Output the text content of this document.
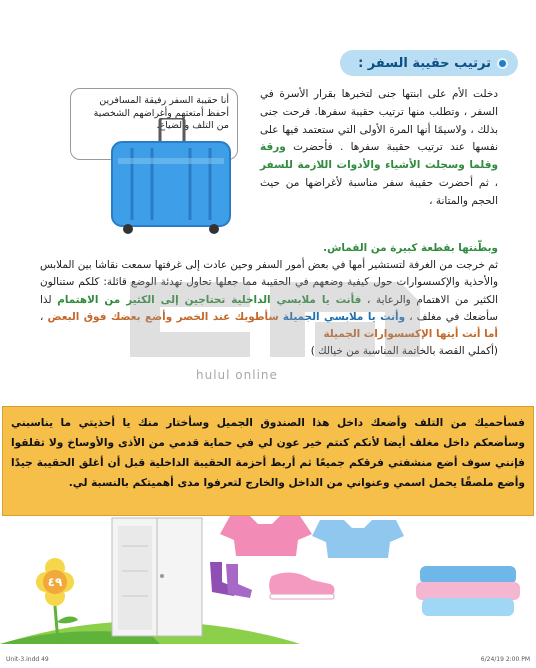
ترتيب حقيبة السفر :
دخلت الأم على ابنتها جنى لتخبرها بقرار الأسرة في السفر ، وتطلب منها ترتيب حقيبة سفرها. فرحت جنى بذلك ، ولاسيمًا أنها المرة الأولى التي ستعتمد فيها على نفسها عند ترتيب حقيبة سفرها . فأحضرت ورقة وقلما وسجلت الأشياء والأدوات اللازمة للسفر ، ثم أحضرت حقيبة سفر مناسبة لأغراضها من حيث الحجم والمتانة ،
أنا حقيبة السفر رفيقة المسافرين أحفظ أمتعتهم وأغراضهم الشخصية من التلف والضياع.
وبطّنتها بقطعة كبيرة من القماش.
ثم خرجت من الغرفة لتستشير أمها في بعض أمور السفر وحين عادت إلى غرفتها سمعت نقاشا بين الملابس والأحذية والإكسسوارات حول كيفية وضعهم في الحقيبة مما جعلها تحاول تهدئة الوضع قائلة: كلكم ستنالون الكثير من الاهتمام والرعاية ، فأنت يا ملابسي الداخلية تحتاجين إلى الكثير من الاهتمام لذا سأضعك في مغلف ، وأنت يا ملابسي الجميلة سأطويك عند الخصر وأضع بعضك فوق البعض ، أما أنت أيتها الإكسسوارات الجميلة
(أكملي القصة بالخاتمة المناسبة من خيالك )
hulul online
فسأحميك من التلف وأضعك داخل هذا الصندوق الجميل وسأختار منك يا أحذيتي ما يناسبني وسأضعكم داخل مغلف أيضا لأنكم كنتم خير عون لي في حماية قدمي من الأذى والأوساخ ولا تقلقوا فإنني سوف أضع منشفتي فرقكم جميعًا ثم أربط أحزمة الحقيبة الداخلية قبل أن أغلق الحقيبة جيدًا وأضع ملصقًا يحمل اسمي وعنواني من الداخل والخارج لتعرفوا مدى أهميتكم بالنسبة لي.
٤٩
Unit-3.indd 49	6/24/19 2:00 PM
